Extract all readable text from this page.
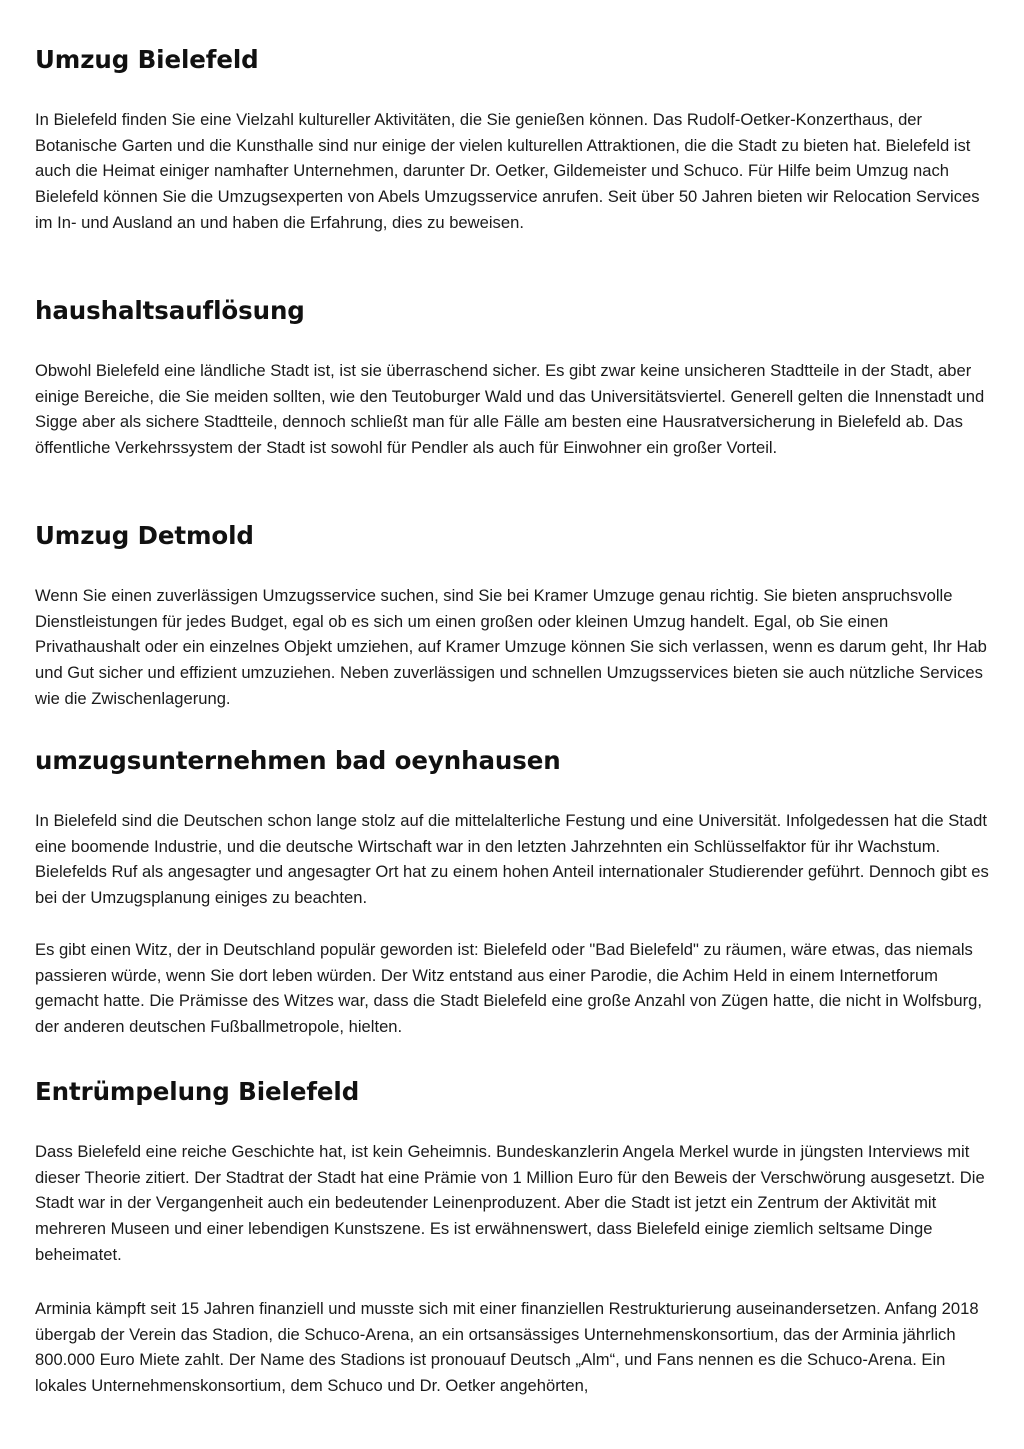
Umzug Bielefeld

In Bielefeld finden Sie eine Vielzahl kultureller Aktivitäten, die Sie genießen können. Das Rudolf-Oetker-Konzerthaus, der Botanische Garten und die Kunsthalle sind nur einige der vielen kulturellen Attraktionen, die die Stadt zu bieten hat. Bielefeld ist auch die Heimat einiger namhafter Unternehmen, darunter Dr. Oetker, Gildemeister und Schuco. Für Hilfe beim Umzug nach Bielefeld können Sie die Umzugsexperten von Abels Umzugsservice anrufen. Seit über 50 Jahren bieten wir Relocation Services im In- und Ausland an und haben die Erfahrung, dies zu beweisen.

haushaltsauflösung

Obwohl Bielefeld eine ländliche Stadt ist, ist sie überraschend sicher. Es gibt zwar keine unsicheren Stadtteile in der Stadt, aber einige Bereiche, die Sie meiden sollten, wie den Teutoburger Wald und das Universitätsviertel. Generell gelten die Innenstadt und Sigge aber als sichere Stadtteile, dennoch schließt man für alle Fälle am besten eine Hausratversicherung in Bielefeld ab. Das öffentliche Verkehrssystem der Stadt ist sowohl für Pendler als auch für Einwohner ein großer Vorteil.

Umzug Detmold

Wenn Sie einen zuverlässigen Umzugsservice suchen, sind Sie bei Kramer Umzuge genau richtig. Sie bieten anspruchsvolle Dienstleistungen für jedes Budget, egal ob es sich um einen großen oder kleinen Umzug handelt. Egal, ob Sie einen Privathaushalt oder ein einzelnes Objekt umziehen, auf Kramer Umzuge können Sie sich verlassen, wenn es darum geht, Ihr Hab und Gut sicher und effizient umzuziehen. Neben zuverlässigen und schnellen Umzugsservices bieten sie auch nützliche Services wie die Zwischenlagerung.

umzugsunternehmen bad oeynhausen

In Bielefeld sind die Deutschen schon lange stolz auf die mittelalterliche Festung und eine Universität. Infolgedessen hat die Stadt eine boomende Industrie, und die deutsche Wirtschaft war in den letzten Jahrzehnten ein Schlüsselfaktor für ihr Wachstum. Bielefelds Ruf als angesagter und angesagter Ort hat zu einem hohen Anteil internationaler Studierender geführt. Dennoch gibt es bei der Umzugsplanung einiges zu beachten.

Es gibt einen Witz, der in Deutschland populär geworden ist: Bielefeld oder "Bad Bielefeld" zu räumen, wäre etwas, das niemals passieren würde, wenn Sie dort leben würden. Der Witz entstand aus einer Parodie, die Achim Held in einem Internetforum gemacht hatte. Die Prämisse des Witzes war, dass die Stadt Bielefeld eine große Anzahl von Zügen hatte, die nicht in Wolfsburg, der anderen deutschen Fußballmetropole, hielten.

Entrümpelung Bielefeld

Dass Bielefeld eine reiche Geschichte hat, ist kein Geheimnis. Bundeskanzlerin Angela Merkel wurde in jüngsten Interviews mit dieser Theorie zitiert. Der Stadtrat der Stadt hat eine Prämie von 1 Million Euro für den Beweis der Verschwörung ausgesetzt. Die Stadt war in der Vergangenheit auch ein bedeutender Leinenproduzent. Aber die Stadt ist jetzt ein Zentrum der Aktivität mit mehreren Museen und einer lebendigen Kunstszene. Es ist erwähnenswert, dass Bielefeld einige ziemlich seltsame Dinge beheimatet.

Arminia kämpft seit 15 Jahren finanziell und musste sich mit einer finanziellen Restrukturierung auseinandersetzen. Anfang 2018 übergab der Verein das Stadion, die Schuco-Arena, an ein ortsansässiges Unternehmenskonsortium, das der Arminia jährlich 800.000 Euro Miete zahlt. Der Name des Stadions ist pronouauf Deutsch „Alm“, und Fans nennen es die Schuco-Arena. Ein lokales Unternehmenskonsortium, dem Schuco und Dr. Oetker angehörten,
